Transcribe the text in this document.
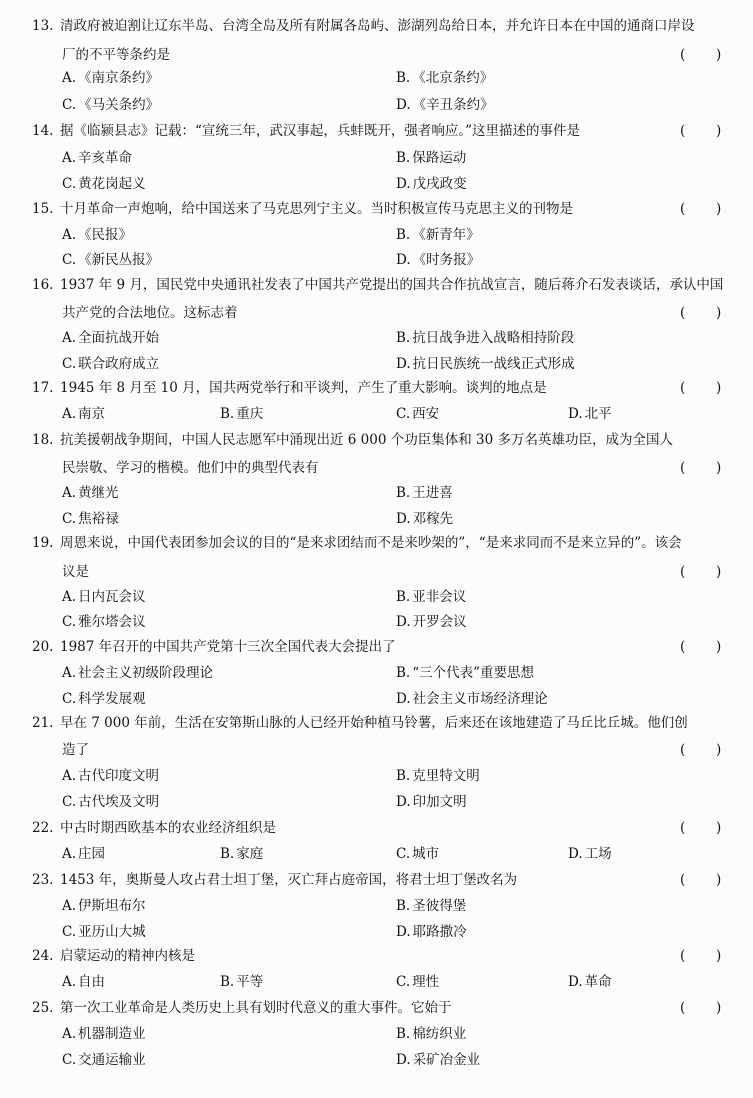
13. 清政府被迫割让辽东半岛、台湾全岛及所有附属各岛屿、澎湖列岛给日本，并允许日本在中国的通商口岸设
厂的不平等条约是	( )
A. 《南京条约》	B. 《北京条约》
C. 《马关条约》	D. 《辛丑条约》
14. 据《临颍县志》记载：“宣统三年，武汉事起，兵蚌既开，强者响应。”这里描述的事件是	( )
A. 辛亥革命	B. 保路运动
C. 黄花岗起义	D. 戊戌政变
15. 十月革命一声炮响，给中国送来了马克思列宁主义。当时积极宣传马克思主义的刊物是	( )
A. 《民报》	B. 《新青年》
C. 《新民丛报》	D. 《时务报》
16. 1937 年 9 月，国民党中央通讯社发表了中国共产党提出的国共合作抗战宣言，随后蒋介石发表谈话，承认中国
共产党的合法地位。这标志着	( )
A. 全面抗战开始	B. 抗日战争进入战略相持阶段
C. 联合政府成立	D. 抗日民族统一战线正式形成
17. 1945 年 8 月至 10 月，国共两党举行和平谈判，产生了重大影响。谈判的地点是	( )
A. 南京	B. 重庆	C. 西安	D. 北平
18. 抗美援朝战争期间，中国人民志愿军中涌现出近 6 000 个功臣集体和 30 多万名英雄功臣，成为全国人
民崇敬、学习的楷模。他们中的典型代表有	( )
A. 黄继光	B. 王进喜
C. 焦裕禄	D. 邓稼先
19. 周恩来说，中国代表团参加会议的目的“是来求团结而不是来吵架的”，“是来求同而不是来立异的”。该会
议是	( )
A. 日内瓦会议	B. 亚非会议
C. 雅尔塔会议	D. 开罗会议
20. 1987 年召开的中国共产党第十三次全国代表大会提出了	( )
A. 社会主义初级阶段理论	B. “三个代表”重要思想
C. 科学发展观	D. 社会主义市场经济理论
21. 早在 7 000 年前，生活在安第斯山脉的人已经开始种植马铃薯，后来还在该地建造了马丘比丘城。他们创
造了	( )
A. 古代印度文明	B. 克里特文明
C. 古代埃及文明	D. 印加文明
22. 中古时期西欧基本的农业经济组织是	( )
A. 庄园	B. 家庭	C. 城市	D. 工场
23. 1453 年，奥斯曼人攻占君士坦丁堡，灭亡拜占庭帝国，将君士坦丁堡改名为	( )
A. 伊斯坦布尔	B. 圣彼得堡
C. 亚历山大城	D. 耶路撒冷
24. 启蒙运动的精神内核是	( )
A. 自由	B. 平等	C. 理性	D. 革命
25. 第一次工业革命是人类历史上具有划时代意义的重大事件。它始于	( )
A. 机器制造业	B. 棉纺织业
C. 交通运输业	D. 采矿冶金业
